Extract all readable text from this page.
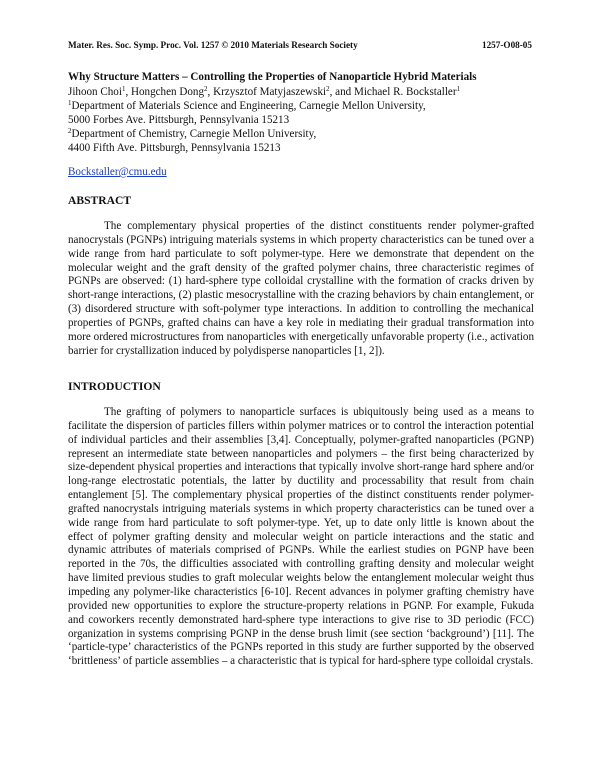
Mater. Res. Soc. Symp. Proc. Vol. 1257 © 2010 Materials Research Society	1257-O08-05
Why Structure Matters – Controlling the Properties of Nanoparticle Hybrid Materials
Jihoon Choi$^1$, Hongchen Dong$^2$, Krzysztof Matyjaszewski$^2$, and Michael R. Bockstaller$^1$
$^1$Department of Materials Science and Engineering, Carnegie Mellon University,
5000 Forbes Ave. Pittsburgh, Pennsylvania 15213
$^2$Department of Chemistry, Carnegie Mellon University,
4400 Fifth Ave. Pittsburgh, Pennsylvania 15213
Bockstaller@cmu.edu
ABSTRACT

The complementary physical properties of the distinct constituents render polymer-grafted nanocrystals (PGNPs) intriguing materials systems in which property characteristics can be tuned over a wide range from hard particulate to soft polymer-type. Here we demonstrate that dependent on the molecular weight and the graft density of the grafted polymer chains, three characteristic regimes of PGNPs are observed: (1) hard-sphere type colloidal crystalline with the formation of cracks driven by short-range interactions, (2) plastic mesocrystalline with the crazing behaviors by chain entanglement, or (3) disordered structure with soft-polymer type interactions. In addition to controlling the mechanical properties of PGNPs, grafted chains can have a key role in mediating their gradual transformation into more ordered microstructures from nanoparticles with energetically unfavorable property (i.e., activation barrier for crystallization induced by polydisperse nanoparticles [1, 2]).

INTRODUCTION

The grafting of polymers to nanoparticle surfaces is ubiquitously being used as a means to facilitate the dispersion of particles fillers within polymer matrices or to control the interaction potential of individual particles and their assemblies [3,4]. Conceptually, polymer-grafted nanoparticles (PGNP) represent an intermediate state between nanoparticles and polymers – the first being characterized by size-dependent physical properties and interactions that typically involve short-range hard sphere and/or long-range electrostatic potentials, the latter by ductility and processability that result from chain entanglement [5]. The complementary physical properties of the distinct constituents render polymer-grafted nanocrystals intriguing materials systems in which property characteristics can be tuned over a wide range from hard particulate to soft polymer-type. Yet, up to date only little is known about the effect of polymer grafting density and molecular weight on particle interactions and the static and dynamic attributes of materials comprised of PGNPs. While the earliest studies on PGNP have been reported in the 70s, the difficulties associated with controlling grafting density and molecular weight have limited previous studies to graft molecular weights below the entanglement molecular weight thus impeding any polymer-like characteristics [6-10]. Recent advances in polymer grafting chemistry have provided new opportunities to explore the structure-property relations in PGNP. For example, Fukuda and coworkers recently demonstrated hard-sphere type interactions to give rise to 3D periodic (FCC) organization in systems comprising PGNP in the dense brush limit (see section ‘background’) [11]. The ‘particle-type’ characteristics of the PGNPs reported in this study are further supported by the observed ‘brittleness’ of particle assemblies – a characteristic that is typical for hard-sphere type colloidal crystals.
